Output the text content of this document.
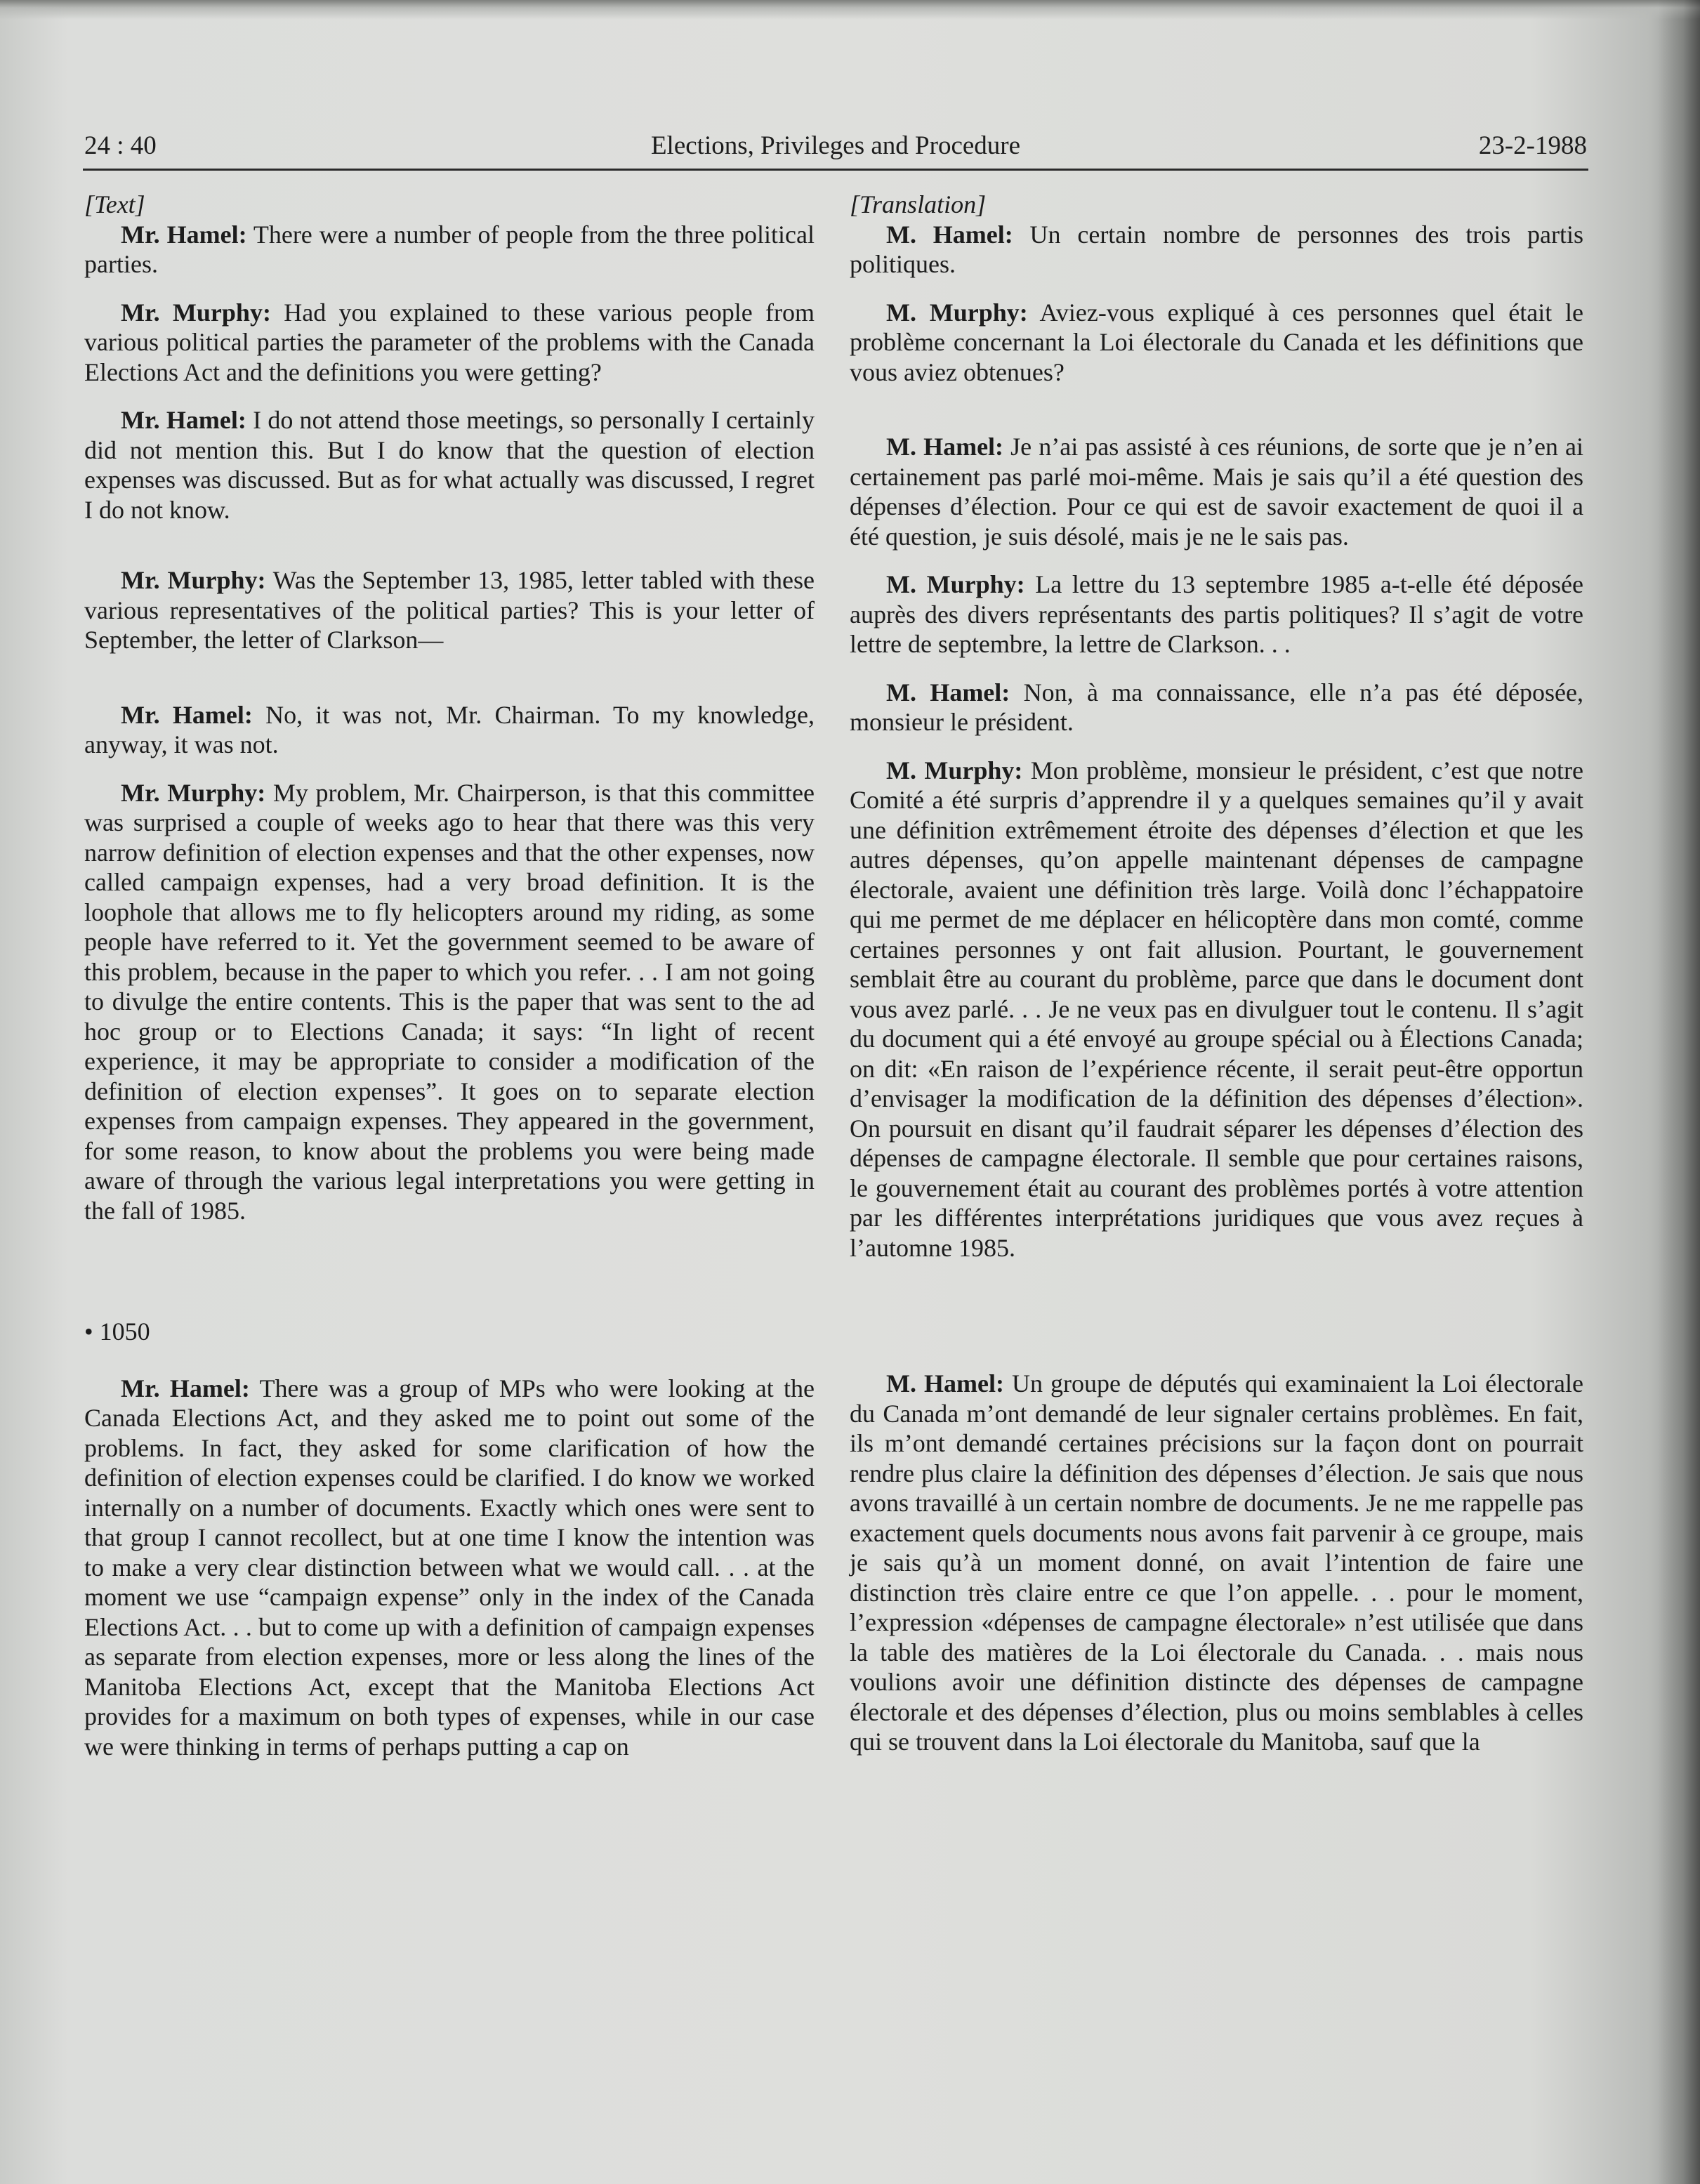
24 : 40	Elections, Privileges and Procedure	23-2-1988

[Text]

Mr. Hamel: There were a number of people from the three political parties.

Mr. Murphy: Had you explained to these various people from various political parties the parameter of the problems with the Canada Elections Act and the definitions you were getting?

Mr. Hamel: I do not attend those meetings, so personally I certainly did not mention this. But I do know that the question of election expenses was discussed. But as for what actually was discussed, I regret I do not know.

Mr. Murphy: Was the September 13, 1985, letter tabled with these various representatives of the political parties? This is your letter of September, the letter of Clarkson—

Mr. Hamel: No, it was not, Mr. Chairman. To my knowledge, anyway, it was not.

Mr. Murphy: My problem, Mr. Chairperson, is that this committee was surprised a couple of weeks ago to hear that there was this very narrow definition of election expenses and that the other expenses, now called campaign expenses, had a very broad definition. It is the loophole that allows me to fly helicopters around my riding, as some people have referred to it. Yet the government seemed to be aware of this problem, because in the paper to which you refer. . . I am not going to divulge the entire contents. This is the paper that was sent to the ad hoc group or to Elections Canada; it says: “In light of recent experience, it may be appropriate to consider a modification of the definition of election expenses”. It goes on to separate election expenses from campaign expenses. They appeared in the government, for some reason, to know about the problems you were being made aware of through the various legal interpretations you were getting in the fall of 1985.

• 1050

Mr. Hamel: There was a group of MPs who were looking at the Canada Elections Act, and they asked me to point out some of the problems. In fact, they asked for some clarification of how the definition of election expenses could be clarified. I do know we worked internally on a number of documents. Exactly which ones were sent to that group I cannot recollect, but at one time I know the intention was to make a very clear distinction between what we would call. . . at the moment we use “campaign expense” only in the index of the Canada Elections Act. . . but to come up with a definition of campaign expenses as separate from election expenses, more or less along the lines of the Manitoba Elections Act, except that the Manitoba Elections Act provides for a maximum on both types of expenses, while in our case we were thinking in terms of perhaps putting a cap on

[Translation]

M. Hamel: Un certain nombre de personnes des trois partis politiques.

M. Murphy: Aviez-vous expliqué à ces personnes quel était le problème concernant la Loi électorale du Canada et les définitions que vous aviez obtenues?

M. Hamel: Je n’ai pas assisté à ces réunions, de sorte que je n’en ai certainement pas parlé moi-même. Mais je sais qu’il a été question des dépenses d’élection. Pour ce qui est de savoir exactement de quoi il a été question, je suis désolé, mais je ne le sais pas.

M. Murphy: La lettre du 13 septembre 1985 a-t-elle été déposée auprès des divers représentants des partis politiques? Il s’agit de votre lettre de septembre, la lettre de Clarkson. . .

M. Hamel: Non, à ma connaissance, elle n’a pas été déposée, monsieur le président.

M. Murphy: Mon problème, monsieur le président, c’est que notre Comité a été surpris d’apprendre il y a quelques semaines qu’il y avait une définition extrêmement étroite des dépenses d’élection et que les autres dépenses, qu’on appelle maintenant dépenses de campagne électorale, avaient une définition très large. Voilà donc l’échappatoire qui me permet de me déplacer en hélicoptère dans mon comté, comme certaines personnes y ont fait allusion. Pourtant, le gouvernement semblait être au courant du problème, parce que dans le document dont vous avez parlé. . . Je ne veux pas en divulguer tout le contenu. Il s’agit du document qui a été envoyé au groupe spécial ou à Élections Canada; on dit: «En raison de l’expérience récente, il serait peut-être opportun d’envisager la modification de la définition des dépenses d’élection». On poursuit en disant qu’il faudrait séparer les dépenses d’élection des dépenses de campagne électorale. Il semble que pour certaines raisons, le gouvernement était au courant des problèmes portés à votre attention par les différentes interprétations juridiques que vous avez reçues à l’automne 1985.

M. Hamel: Un groupe de députés qui examinaient la Loi électorale du Canada m’ont demandé de leur signaler certains problèmes. En fait, ils m’ont demandé certaines précisions sur la façon dont on pourrait rendre plus claire la définition des dépenses d’élection. Je sais que nous avons travaillé à un certain nombre de documents. Je ne me rappelle pas exactement quels documents nous avons fait parvenir à ce groupe, mais je sais qu’à un moment donné, on avait l’intention de faire une distinction très claire entre ce que l’on appelle. . . pour le moment, l’expression «dépenses de campagne électorale» n’est utilisée que dans la table des matières de la Loi électorale du Canada. . . mais nous voulions avoir une définition distincte des dépenses de campagne électorale et des dépenses d’élection, plus ou moins semblables à celles qui se trouvent dans la Loi électorale du Manitoba, sauf que la
